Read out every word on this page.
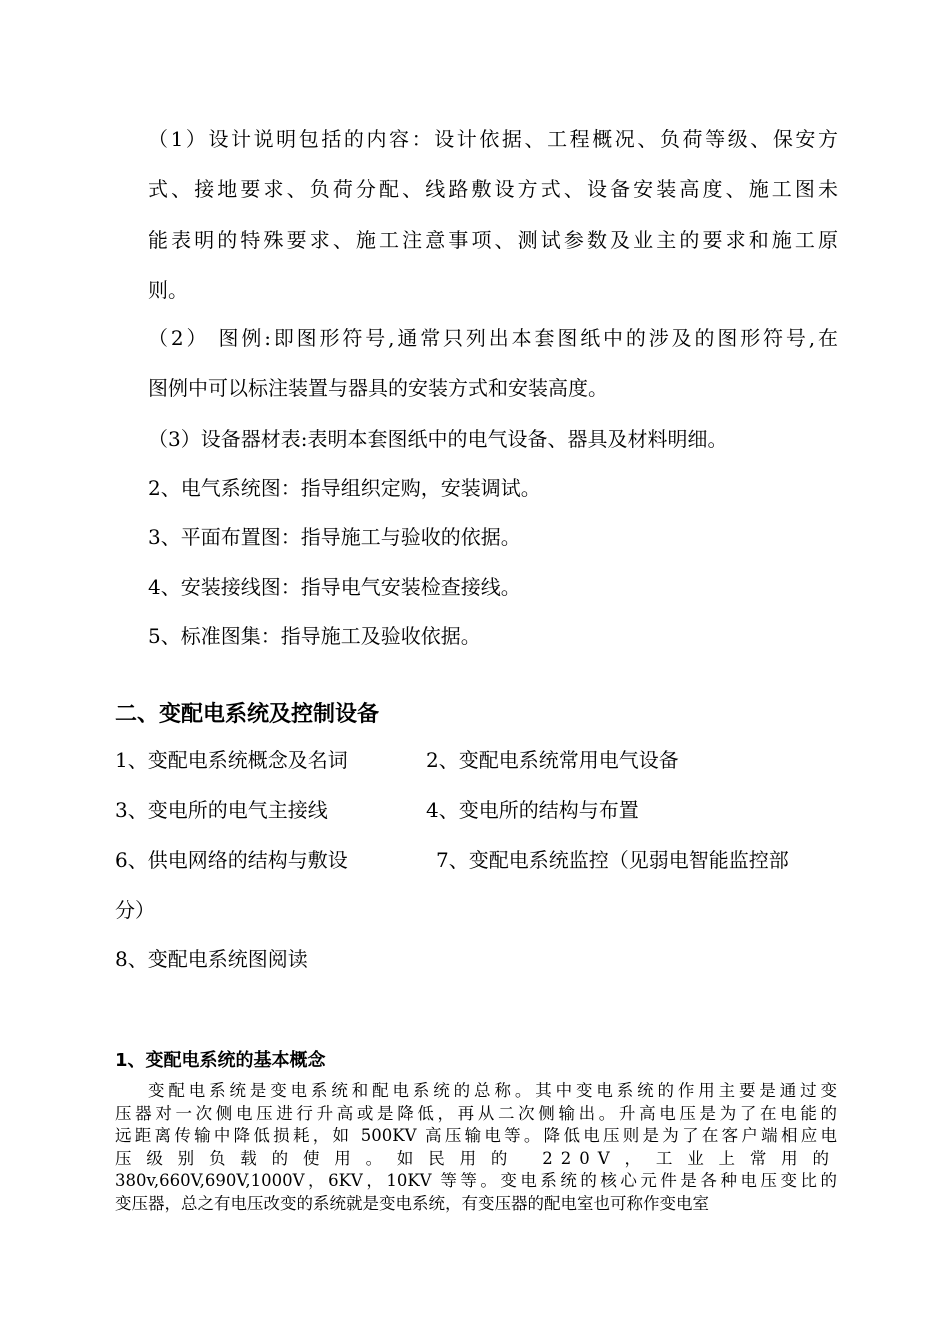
（1）设计说明包括的内容：设计依据、工程概况、负荷等级、保安方
式、接地要求、负荷分配、线路敷设方式、设备安装高度、施工图未
能表明的特殊要求、施工注意事项、测试参数及业主的要求和施工原
则。
（2） 图例:即图形符号,通常只列出本套图纸中的涉及的图形符号,在
图例中可以标注装置与器具的安装方式和安装高度。
（3）设备器材表:表明本套图纸中的电气设备、器具及材料明细。
2、电气系统图：指导组织定购，安装调试。
3、平面布置图：指导施工与验收的依据。
4、安装接线图：指导电气安装检查接线。
5、标准图集：指导施工及验收依据。
二、变配电系统及控制设备
1、变配电系统概念及名词	2、变配电系统常用电气设备
3、变电所的电气主接线	4、变电所的结构与布置
6、供电网络的结构与敷设	7、变配电系统监控（见弱电智能监控部
分）
8、变配电系统图阅读
1、变配电系统的基本概念
变配电系统是变电系统和配电系统的总称。其中变电系统的作用主要是通过变
压器对一次侧电压进行升高或是降低，再从二次侧输出。升高电压是为了在电能的
远距离传输中降低损耗，如 500KV 高压输电等。降低电压则是为了在客户端相应电
压级别负载的使用。如民用的 220V，工业上常用的
380v,660V,690V,1000V，6KV，10KV 等等。变电系统的核心元件是各种电压变比的
变压器，总之有电压改变的系统就是变电系统，有变压器的配电室也可称作变电室
